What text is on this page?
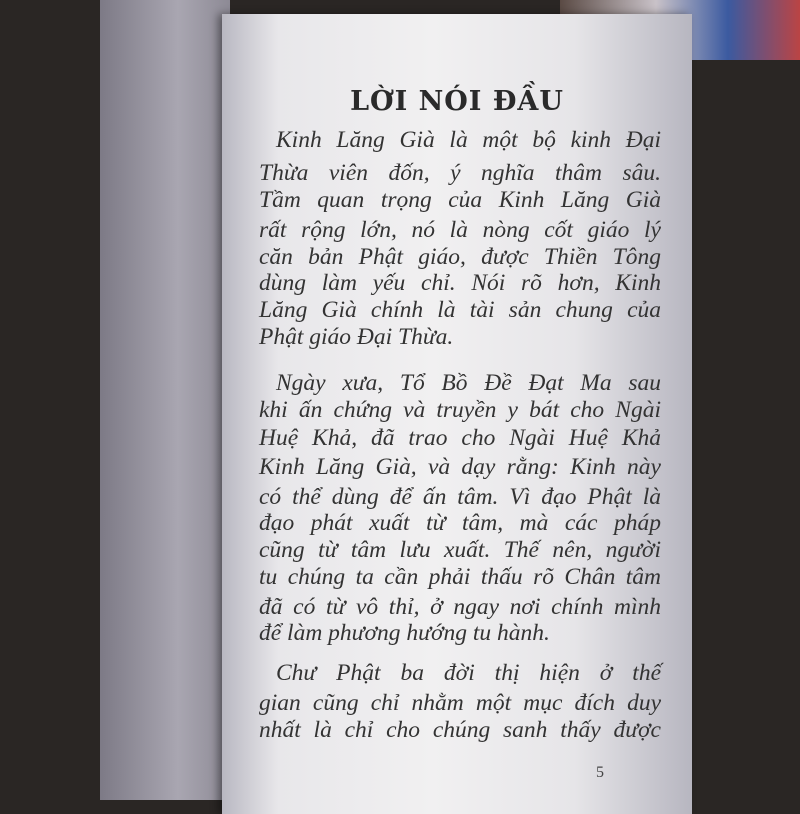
LỜI NÓI ĐẦU
Kinh Lăng Già là một bộ kinh Đại
Thừa viên đốn, ý nghĩa thâm sâu.
Tầm quan trọng của Kinh Lăng Già
rất rộng lớn, nó là nòng cốt giáo lý
căn bản Phật giáo, được Thiền Tông
dùng làm yếu chỉ. Nói rõ hơn, Kinh
Lăng Già chính là tài sản chung của
Phật giáo Đại Thừa.
Ngày xưa, Tổ Bồ Đề Đạt Ma sau
khi ấn chứng và truyền y bát cho Ngài
Huệ Khả, đã trao cho Ngài Huệ Khả
Kinh Lăng Già, và dạy rằng: Kinh này
có thể dùng để ấn tâm. Vì đạo Phật là
đạo phát xuất từ tâm, mà các pháp
cũng từ tâm lưu xuất. Thế nên, người
tu chúng ta cần phải thấu rõ Chân tâm
đã có từ vô thỉ, ở ngay nơi chính mình
để làm phương hướng tu hành.
Chư Phật ba đời thị hiện ở thế
gian cũng chỉ nhằm một mục đích duy
nhất là chỉ cho chúng sanh thấy được
5
